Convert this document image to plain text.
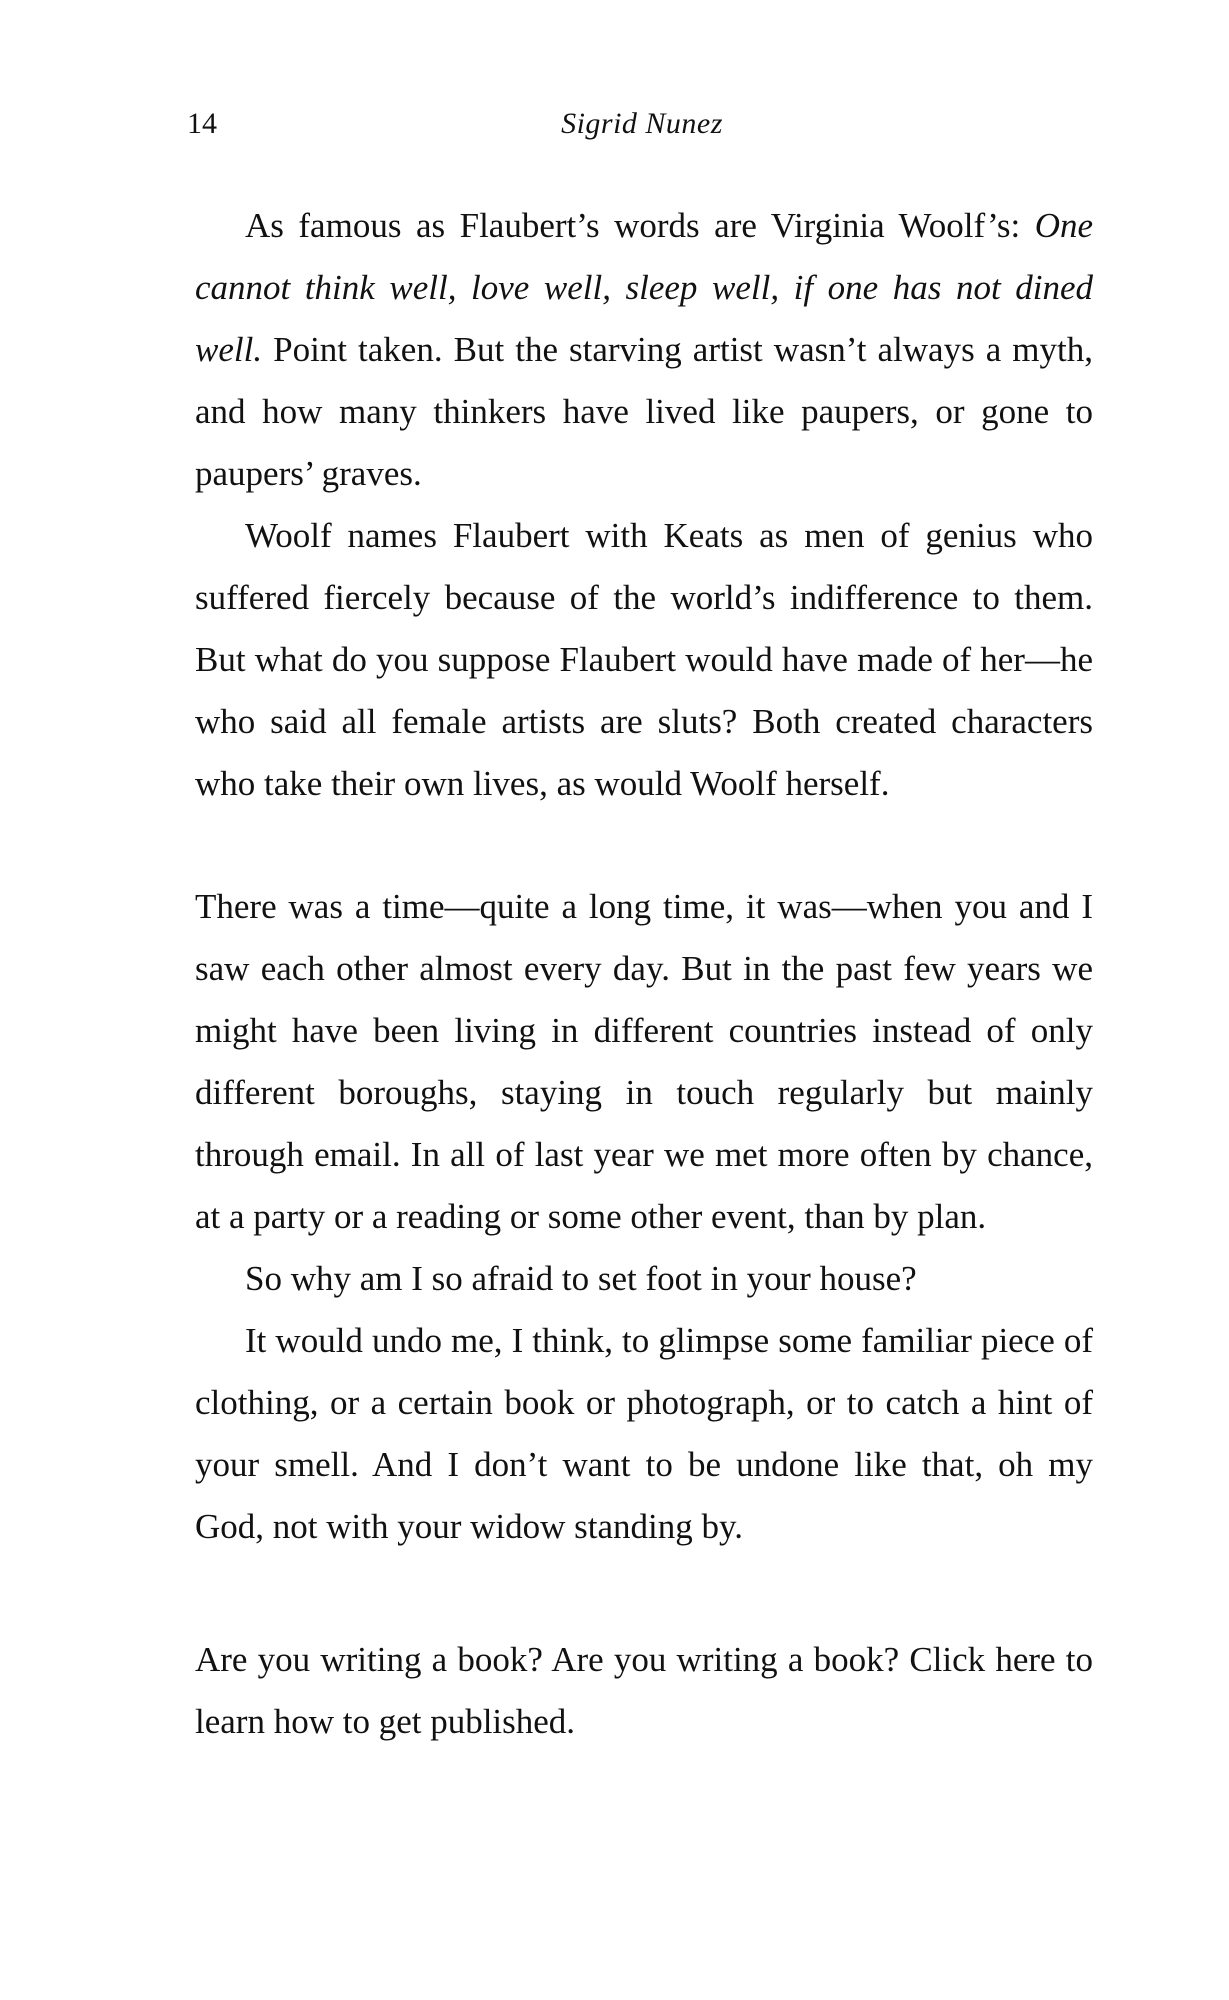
14	Sigrid Nunez

As famous as Flaubert’s words are Virginia Woolf’s: One cannot think well, love well, sleep well, if one has not dined well. Point taken. But the starving artist wasn’t always a myth, and how many thinkers have lived like paupers, or gone to paupers’ graves.

Woolf names Flaubert with Keats as men of genius who suffered fiercely because of the world’s indifference to them. But what do you suppose Flaubert would have made of her—he who said all female artists are sluts? Both created characters who take their own lives, as would Woolf herself.

There was a time—quite a long time, it was—when you and I saw each other almost every day. But in the past few years we might have been living in different countries instead of only different boroughs, staying in touch regularly but mainly through email. In all of last year we met more often by chance, at a party or a reading or some other event, than by plan.

So why am I so afraid to set foot in your house?

It would undo me, I think, to glimpse some familiar piece of clothing, or a certain book or photograph, or to catch a hint of your smell. And I don’t want to be undone like that, oh my God, not with your widow standing by.

Are you writing a book? Are you writing a book? Click here to learn how to get published.
